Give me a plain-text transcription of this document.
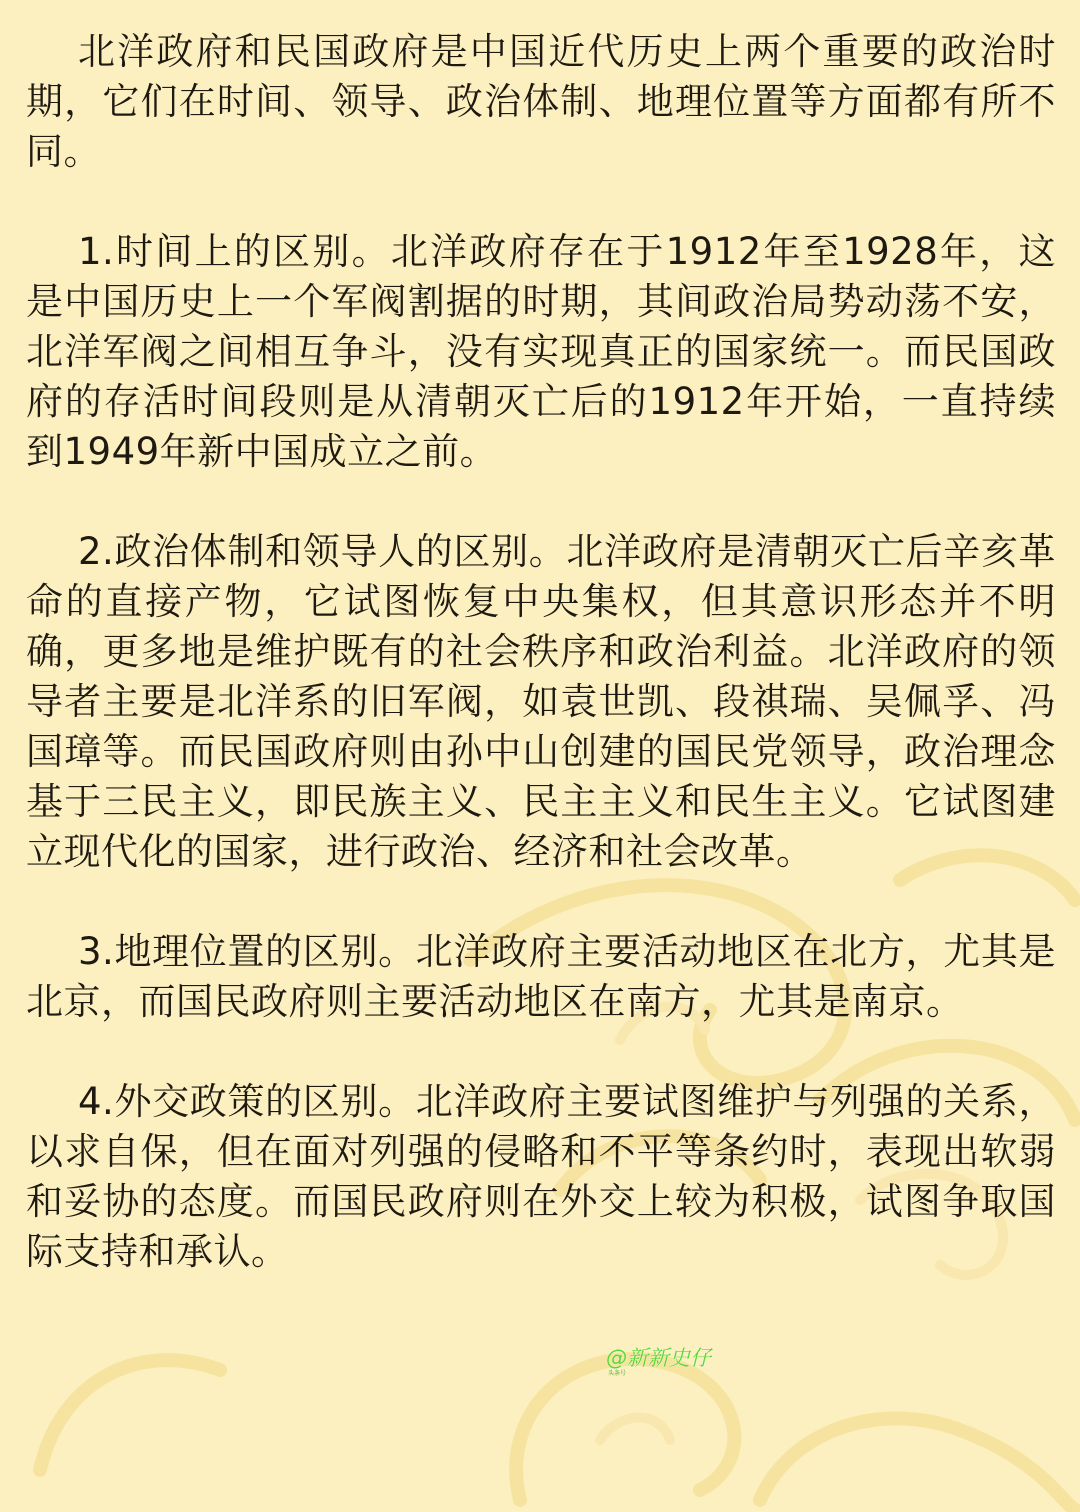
北洋政府和民国政府是中国近代历史上两个重要的政治时期，它们在时间、领导、政治体制、地理位置等方面都有所不同。

1.时间上的区别。北洋政府存在于1912年至1928年，这是中国历史上一个军阀割据的时期，其间政治局势动荡不安，北洋军阀之间相互争斗，没有实现真正的国家统一。而民国政府的存活时间段则是从清朝灭亡后的1912年开始，一直持续到1949年新中国成立之前。

2.政治体制和领导人的区别。北洋政府是清朝灭亡后辛亥革命的直接产物，它试图恢复中央集权，但其意识形态并不明确，更多地是维护既有的社会秩序和政治利益。北洋政府的领导者主要是北洋系的旧军阀，如袁世凯、段祺瑞、吴佩孚、冯国璋等。而民国政府则由孙中山创建的国民党领导，政治理念基于三民主义，即民族主义、民主主义和民生主义。它试图建立现代化的国家，进行政治、经济和社会改革。

3.地理位置的区别。北洋政府主要活动地区在北方，尤其是北京，而国民政府则主要活动地区在南方，尤其是南京。

4.外交政策的区别。北洋政府主要试图维护与列强的关系，以求自保，但在面对列强的侵略和不平等条约时，表现出软弱和妥协的态度。而国民政府则在外交上较为积极，试图争取国际支持和承认。

@新新史仔
头条号
